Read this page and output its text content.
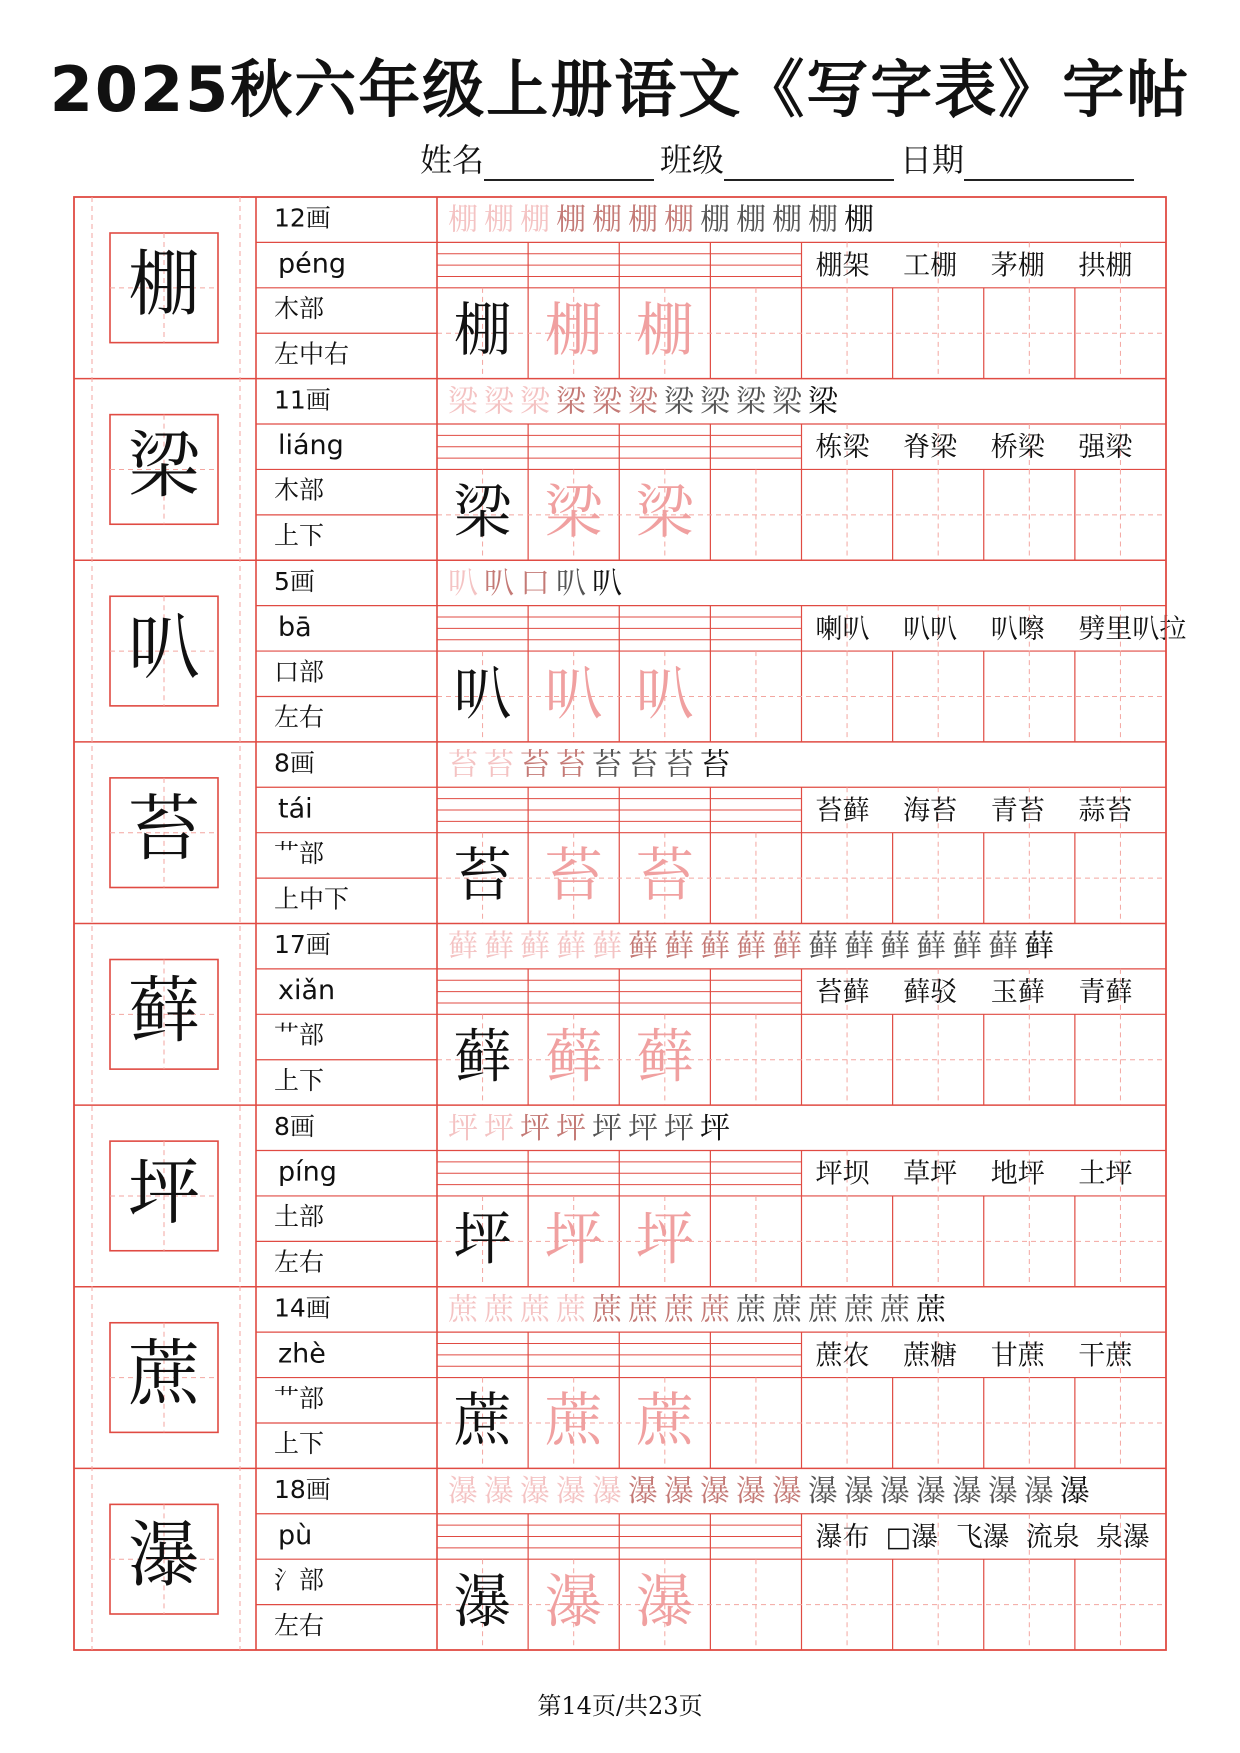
2025秋六年级上册语文《写字表》字帖
姓名	班级	日期
棚
12画
péng
木部
左中右
棚 棚 棚 棚 棚 棚 棚 棚 棚 棚 棚 棚
棚 棚 棚
棚架 工棚 茅棚 拱棚
梁
11画
liáng
木部
上下
梁 梁 梁 梁 梁 梁 梁 梁 梁 梁 梁
梁 梁 梁
栋梁 脊梁 桥梁 强梁
叭
5画
bā
口部
左右
叭 叭 口 叭 叭
叭 叭 叭
喇叭 叭叭 叭嚓 劈里叭拉
苔
8画
tái
艹部
上中下
苔 苔 苔 苔 苔 苔 苔 苔
苔 苔 苔
苔藓 海苔 青苔 蒜苔
藓
17画
xiǎn
艹部
上下
藓 藓 藓 藓 藓 藓 藓 藓 藓 藓 藓 藓 藓 藓 藓 藓 藓
藓 藓 藓
苔藓 藓驳 玉藓 青藓
坪
8画
píng
土部
左右
坪 坪 坪 坪 坪 坪 坪 坪
坪 坪 坪
坪坝 草坪 地坪 土坪
蔗
14画
zhè
艹部
上下
蔗 蔗 蔗 蔗 蔗 蔗 蔗 蔗 蔗 蔗 蔗 蔗 蔗 蔗
蔗 蔗 蔗
蔗农 蔗糖 甘蔗 干蔗
瀑
18画
pù
氵部
左右
瀑 瀑 瀑 瀑 瀑 瀑 瀑 瀑 瀑 瀑 瀑 瀑 瀑 瀑 瀑 瀑 瀑 瀑
瀑 瀑 瀑
瀑布 □瀑 飞瀑 流泉 泉瀑
第14页/共23页
